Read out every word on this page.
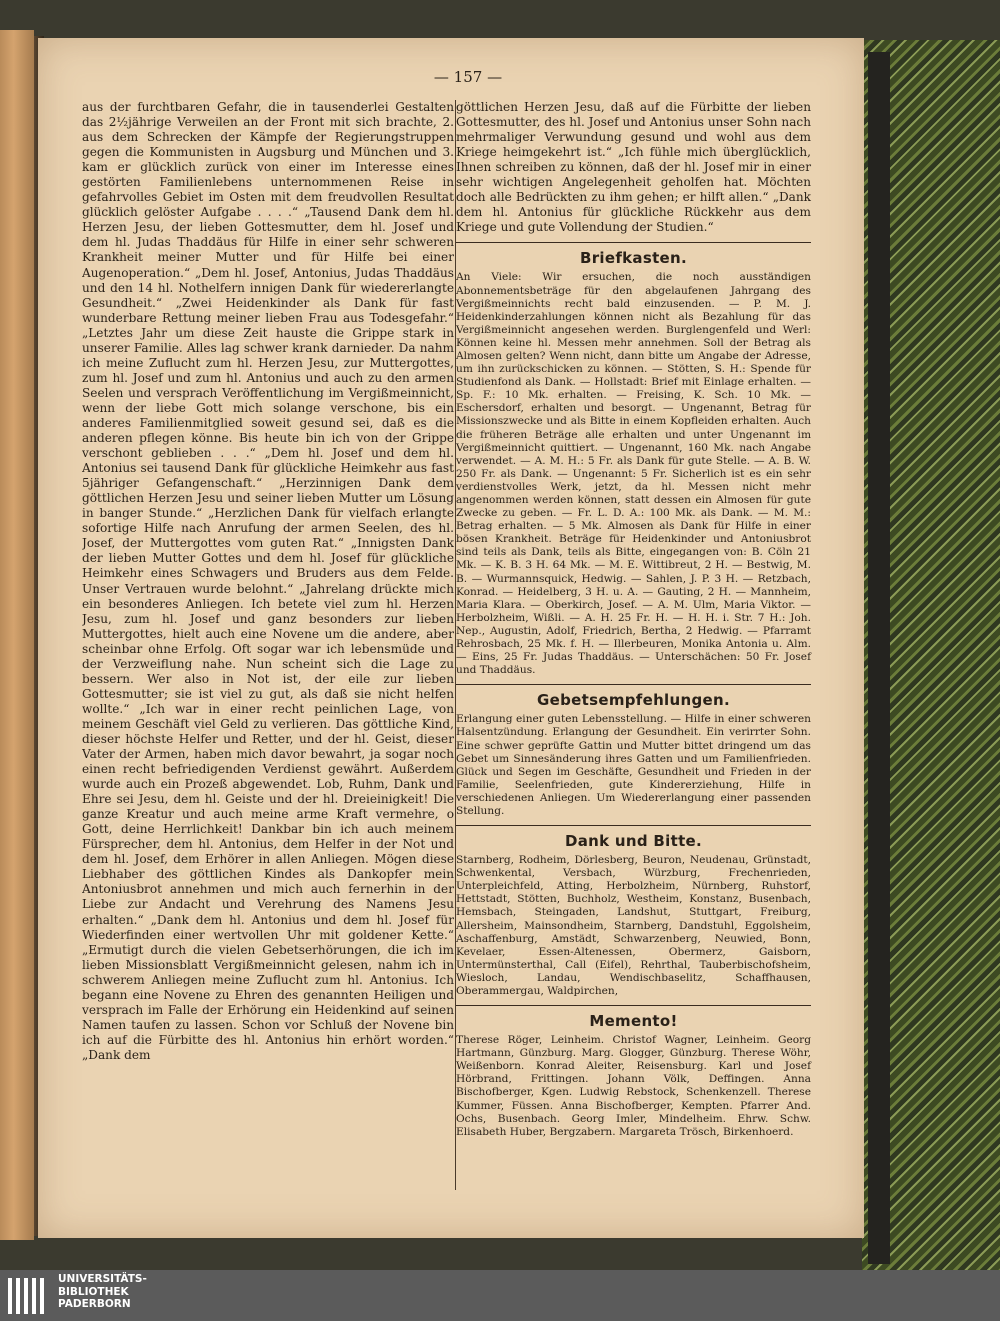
— 157 —
aus der furchtbaren Gefahr, die in tausenderlei Gestalten das 2½jährige Verweilen an der Front mit sich brachte, 2. aus dem Schrecken der Kämpfe der Regierungstruppen gegen die Kommunisten in Augsburg und München und 3. kam er glücklich zurück von einer im Interesse eines gestörten Familienlebens unternommenen Reise in gefahrvolles Gebiet im Osten mit dem freudvollen Resultat glücklich gelöster Aufgabe . . . .“ „Tausend Dank dem hl. Herzen Jesu, der lieben Gottesmutter, dem hl. Josef und dem hl. Judas Thaddäus für Hilfe in einer sehr schweren Krankheit meiner Mutter und für Hilfe bei einer Augenoperation.“ „Dem hl. Josef, Antonius, Judas Thaddäus und den 14 hl. Nothelfern innigen Dank für wiedererlangte Gesundheit.“ „Zwei Heidenkinder als Dank für fast wunderbare Rettung meiner lieben Frau aus Todesgefahr.“ „Letztes Jahr um diese Zeit hauste die Grippe stark in unserer Familie. Alles lag schwer krank darnieder. Da nahm ich meine Zuflucht zum hl. Herzen Jesu, zur Muttergottes, zum hl. Josef und zum hl. Antonius und auch zu den armen Seelen und versprach Veröffentlichung im Vergißmeinnicht, wenn der liebe Gott mich solange verschone, bis ein anderes Familienmitglied soweit gesund sei, daß es die anderen pflegen könne. Bis heute bin ich von der Grippe verschont geblieben . . .“ „Dem hl. Josef und dem hl. Antonius sei tausend Dank für glückliche Heimkehr aus fast 5jähriger Gefangenschaft.“ „Herzinnigen Dank dem göttlichen Herzen Jesu und seiner lieben Mutter um Lösung in banger Stunde.“ „Herzlichen Dank für vielfach erlangte sofortige Hilfe nach Anrufung der armen Seelen, des hl. Josef, der Muttergottes vom guten Rat.“ „Innigsten Dank der lieben Mutter Gottes und dem hl. Josef für glückliche Heimkehr eines Schwagers und Bruders aus dem Felde. Unser Vertrauen wurde belohnt.“ „Jahrelang drückte mich ein besonderes Anliegen. Ich betete viel zum hl. Herzen Jesu, zum hl. Josef und ganz besonders zur lieben Muttergottes, hielt auch eine Novene um die andere, aber scheinbar ohne Erfolg. Oft sogar war ich lebensmüde und der Verzweiflung nahe. Nun scheint sich die Lage zu bessern. Wer also in Not ist, der eile zur lieben Gottesmutter; sie ist viel zu gut, als daß sie nicht helfen wollte.“ „Ich war in einer recht peinlichen Lage, von meinem Geschäft viel Geld zu verlieren. Das göttliche Kind, dieser höchste Helfer und Retter, und der hl. Geist, dieser Vater der Armen, haben mich davor bewahrt, ja sogar noch einen recht befriedigenden Verdienst gewährt. Außerdem wurde auch ein Prozeß abgewendet. Lob, Ruhm, Dank und Ehre sei Jesu, dem hl. Geiste und der hl. Dreieinigkeit! Die ganze Kreatur und auch meine arme Kraft vermehre, o Gott, deine Herrlichkeit! Dankbar bin ich auch meinem Fürsprecher, dem hl. Antonius, dem Helfer in der Not und dem hl. Josef, dem Erhörer in allen Anliegen. Mögen diese Liebhaber des göttlichen Kindes als Dankopfer mein Antoniusbrot annehmen und mich auch fernerhin in der Liebe zur Andacht und Verehrung des Namens Jesu erhalten.“ „Dank dem hl. Antonius und dem hl. Josef für Wiederfinden einer wertvollen Uhr mit goldener Kette.“ „Ermutigt durch die vielen Gebetserhörungen, die ich im lieben Missionsblatt Vergißmeinnicht gelesen, nahm ich in schwerem Anliegen meine Zuflucht zum hl. Antonius. Ich begann eine Novene zu Ehren des genannten Heiligen und versprach im Falle der Erhörung ein Heidenkind auf seinen Namen taufen zu lassen. Schon vor Schluß der Novene bin ich auf die Fürbitte des hl. Antonius hin erhört worden.“ „Dank dem

göttlichen Herzen Jesu, daß auf die Fürbitte der lieben Gottesmutter, des hl. Josef und Antonius unser Sohn nach mehrmaliger Verwundung gesund und wohl aus dem Kriege heimgekehrt ist.“ „Ich fühle mich überglücklich, Ihnen schreiben zu können, daß der hl. Josef mir in einer sehr wichtigen Angelegenheit geholfen hat. Möchten doch alle Bedrückten zu ihm gehen; er hilft allen.“ „Dank dem hl. Antonius für glückliche Rückkehr aus dem Kriege und gute Vollendung der Studien.“

Briefkasten.

An Viele: Wir ersuchen, die noch ausständigen Abonnementsbeträge für den abgelaufenen Jahrgang des Vergißmeinnichts recht bald einzusenden. — P. M. J. Heidenkinderzahlungen können nicht als Bezahlung für das Vergißmeinnicht angesehen werden. Burglengenfeld und Werl: Können keine hl. Messen mehr annehmen. Soll der Betrag als Almosen gelten? Wenn nicht, dann bitte um Angabe der Adresse, um ihn zurückschicken zu können. — Stötten, S. H.: Spende für Studienfond als Dank. — Hollstadt: Brief mit Einlage erhalten. — Sp. F.: 10 Mk. erhalten. — Freising, K. Sch. 10 Mk. — Eschersdorf, erhalten und besorgt. — Ungenannt, Betrag für Missionszwecke und als Bitte in einem Kopfleiden erhalten. Auch die früheren Beträge alle erhalten und unter Ungenannt im Vergißmeinnicht quittiert. — Ungenannt, 160 Mk. nach Angabe verwendet. — A. M. H.: 5 Fr. als Dank für gute Stelle. — A. B. W. 250 Fr. als Dank. — Ungenannt: 5 Fr. Sicherlich ist es ein sehr verdienstvolles Werk, jetzt, da hl. Messen nicht mehr angenommen werden können, statt dessen ein Almosen für gute Zwecke zu geben. — Fr. L. D. A.: 100 Mk. als Dank. — M. M.: Betrag erhalten. — 5 Mk. Almosen als Dank für Hilfe in einer bösen Krankheit. Beträge für Heidenkinder und Antoniusbrot sind teils als Dank, teils als Bitte, eingegangen von: B. Cöln 21 Mk. — K. B. 3 H. 64 Mk. — M. E. Wittibreut, 2 H. — Bestwig, M. B. — Wurmannsquick, Hedwig. — Sahlen, J. P. 3 H. — Retzbach, Konrad. — Heidelberg, 3 H. u. A. — Gauting, 2 H. — Mannheim, Maria Klara. — Oberkirch, Josef. — A. M. Ulm, Maria Viktor. — Herbolzheim, Wißli. — A. H. 25 Fr. H. — H. H. i. Str. 7 H.: Joh. Nep., Augustin, Adolf, Friedrich, Bertha, 2 Hedwig. — Pfarramt Rehrosbach, 25 Mk. f. H. — Illerbeuren, Monika Antonia u. Alm. — Eins, 25 Fr. Judas Thaddäus. — Unterschächen: 50 Fr. Josef und Thaddäus.

Gebetsempfehlungen.

Erlangung einer guten Lebensstellung. — Hilfe in einer schweren Halsentzündung. Erlangung der Gesundheit. Ein verirrter Sohn. Eine schwer geprüfte Gattin und Mutter bittet dringend um das Gebet um Sinnesänderung ihres Gatten und um Familienfrieden. Glück und Segen im Geschäfte, Gesundheit und Frieden in der Familie, Seelenfrieden, gute Kindererziehung, Hilfe in verschiedenen Anliegen. Um Wiedererlangung einer passenden Stellung.

Dank und Bitte.

Starnberg, Rodheim, Dörlesberg, Beuron, Neudenau, Grünstadt, Schwenkental, Versbach, Würzburg, Frechenrieden, Unterpleichfeld, Atting, Herbolzheim, Nürnberg, Ruhstorf, Hettstadt, Stötten, Buchholz, Westheim, Konstanz, Busenbach, Hemsbach, Steingaden, Landshut, Stuttgart, Freiburg, Allersheim, Mainsondheim, Starnberg, Dandstuhl, Eggolsheim, Aschaffenburg, Amstädt, Schwarzenberg, Neuwied, Bonn, Kevelaer, Essen-Altenessen, Obermerz, Gaisborn, Untermünsterthal, Call (Eifel), Rehrthal, Tauberbischofsheim, Wiesloch, Landau, Wendischbaselitz, Schaffhausen, Oberammergau, Waldpirchen,

Memento!

Therese Röger, Leinheim. Christof Wagner, Leinheim. Georg Hartmann, Günzburg. Marg. Glogger, Günzburg. Therese Wöhr, Weißenborn. Konrad Aleiter, Reisensburg. Karl und Josef Hörbrand, Frittingen. Johann Völk, Deffingen. Anna Bischofberger, Kgen. Ludwig Rebstock, Schenkenzell. Therese Kummer, Füssen. Anna Bischofberger, Kempten. Pfarrer And. Ochs, Busenbach. Georg Imler, Mindelheim. Ehrw. Schw. Elisabeth Huber, Bergzabern. Margareta Trösch, Birkenhoerd.

UNIVERSITÄTS-
BIBLIOTHEK
PADERBORN
